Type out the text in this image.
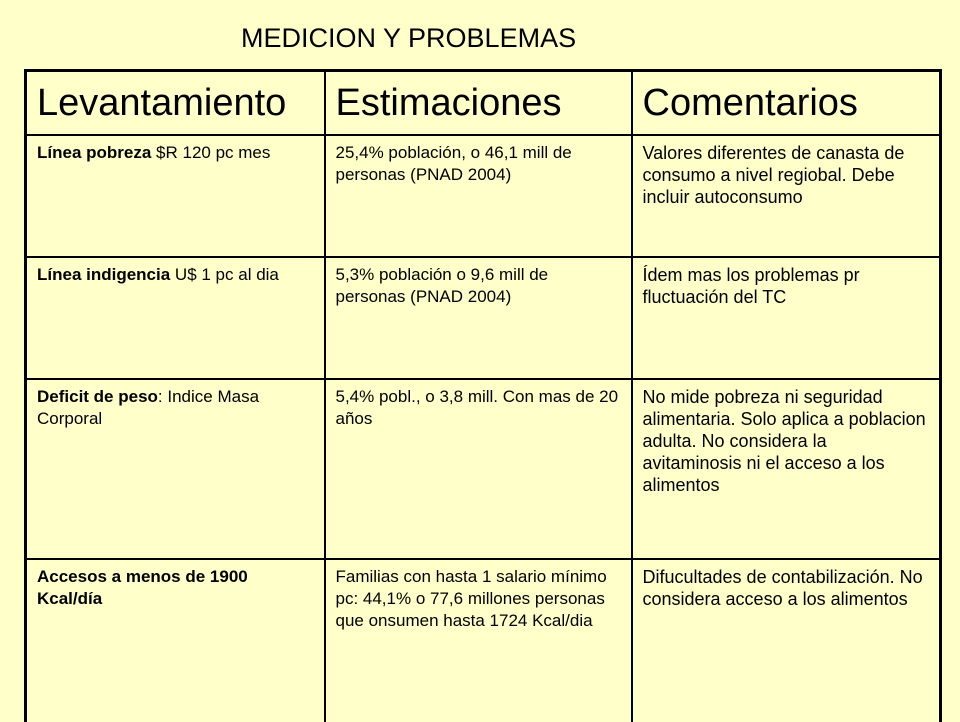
MEDICION Y PROBLEMAS
Levantamiento	Estimaciones	Comentarios
Línea pobreza $R 120 pc mes	25,4% población, o 46,1 mill de personas (PNAD 2004)	Valores diferentes de canasta de consumo a nivel regiobal. Debe incluir autoconsumo
Línea indigencia U$ 1 pc al dia	5,3% población o 9,6 mill de personas (PNAD 2004)	Ídem mas los problemas pr fluctuación del TC
Deficit de peso: Indice Masa Corporal	5,4% pobl., o 3,8 mill. Con mas de 20 años	No mide pobreza ni seguridad alimentaria. Solo aplica a poblacion adulta. No considera la avitaminosis ni el acceso a los alimentos
Accesos a menos de 1900 Kcal/día	Familias con hasta 1 salario mínimo pc: 44,1% o 77,6 millones personas que onsumen hasta 1724 Kcal/dia	Difucultades de contabilización. No considera acceso a los alimentos
